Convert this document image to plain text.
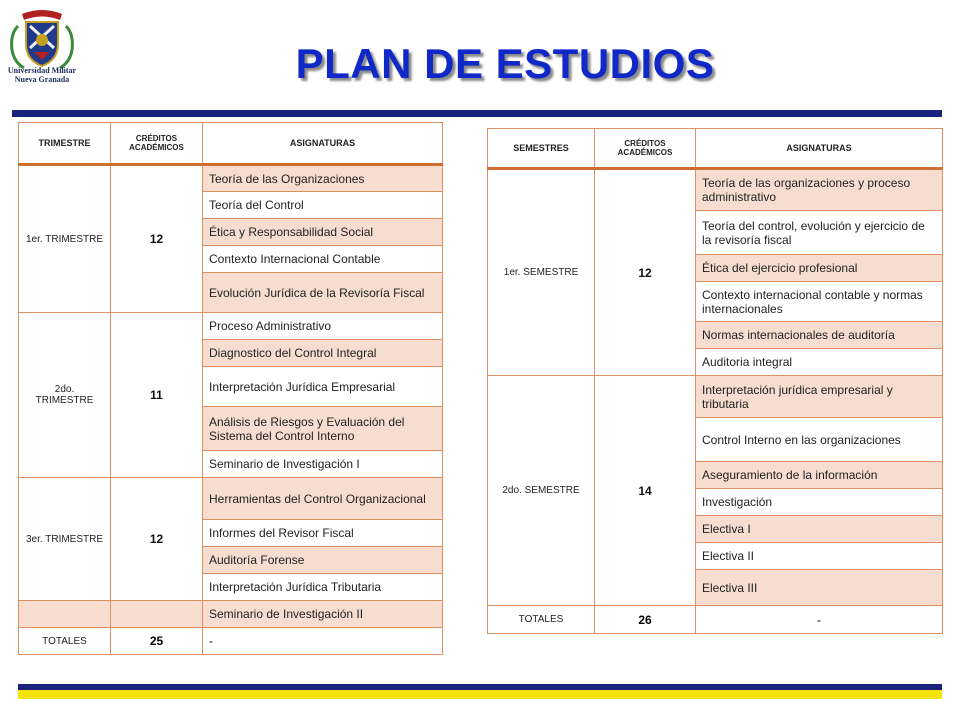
Universidad Militar
Nueva Granada	PLAN DE ESTUDIOS
TRIMESTRE	CRÉDITOS ACADÉMICOS	ASIGNATURAS
1er. TRIMESTRE	12	Teoría de las Organizaciones
		Teoría del Control
		Ética y Responsabilidad Social
		Contexto Internacional Contable
		Evolución Jurídica de la Revisoría Fiscal
2do. TRIMESTRE	11	Proceso Administrativo
		Diagnostico del Control Integral
		Interpretación Jurídica Empresarial
		Análisis de Riesgos y Evaluación del Sistema del Control Interno
		Seminario de Investigación I
3er. TRIMESTRE	12	Herramientas del Control Organizacional
		Informes del Revisor Fiscal
		Auditoría Forense
		Interpretación Jurídica Tributaria
		Seminario de Investigación II
TOTALES	25	-
SEMESTRES	CRÉDITOS ACADÉMICOS	ASIGNATURAS
1er. SEMESTRE	12	Teoría de las organizaciones y proceso administrativo
		Teoría del control, evolución y ejercicio de la revisoría fiscal
		Ética del ejercicio profesional
		Contexto internacional contable y normas internacionales
		Normas internacionales de auditoría
		Auditoria integral
2do. SEMESTRE	14	Interpretación jurídica empresarial y tributaria
		Control Interno en las organizaciones
		Aseguramiento de la información
		Investigación
		Electiva I
		Electiva II
		Electiva III
TOTALES	26	-
